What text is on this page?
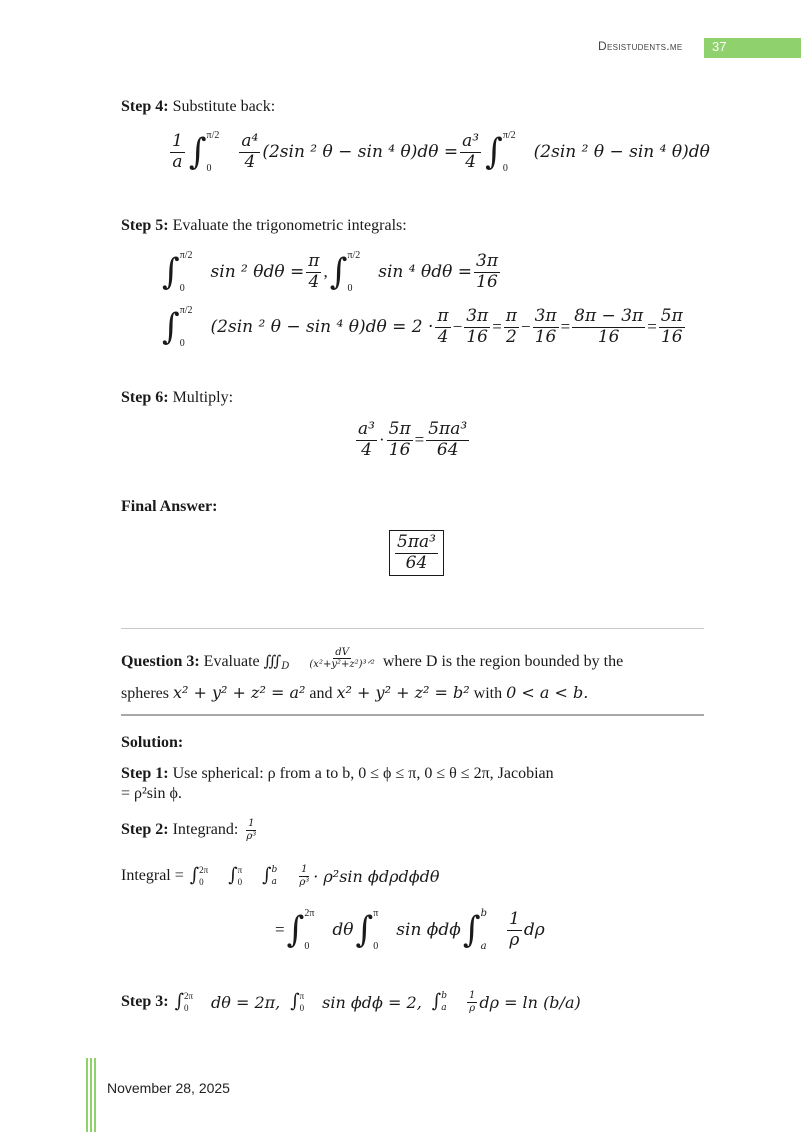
Desistudents.me 37
Step 4: Substitute back:
$\frac{1}{a}$ ∫ π/2
0	$\frac{\text{a⁴}}{4} (2\sin$ ² θ − sin ⁴ $\theta)d\theta = \frac{\text{a³}}{4}$ ∫ π/2
0
(2sin ² θ − sin ⁴ θ)dθ
Step 5: Evaluate the trigonometric integrals:
∫ π/2
0
sin ² $\theta d\theta = \frac{\pi}{4}$ , ∫ π/2
0
sin ⁴ $\theta d\theta = \frac{3\pi}{16}$
∫ π/2
0
(2sin ² θ − sin ⁴ $\theta)d\theta = 2 \cdot \frac{\pi}{4} - \frac{3\pi}{16} = \frac{\pi}{2} - \frac{3\pi}{16} = \frac{8\pi - 3\pi}{16} = \frac{5\pi}{16}$
Step 6: Multiply:
$\frac{\text{a³}}{4} \cdot \frac{5\pi}{16} = \frac{\text{5πa³}}{64}$
Final Answer:
$\frac{\text{5πa³}}{64}$
Question 3: Evaluate ∭ D $\frac{dV}{\text{(x²+y²+z²)³ᐟ²}}$ where D is the region bounded by the
spheres x² + y² + z² = a² and x² + y² + z² = b² with 0 < a < b.
Solution:
Step 1: Use spherical: ρ from a to b, 0 ≤ ϕ ≤ π, 0 ≤ θ ≤ 2π, Jacobian
= ρ²sin ϕ.
Step 2: Integrand: $\frac{1}{\text{ρ³}}$
Integral = ∫ 2π
0 ∫ π
0 ∫ b
a $\frac{1}{\text{ρ³}} \cdot \rho^2\sin$ ϕdρdϕdθ
= ∫ 2π
0
dθ ∫ π
0
sin ϕdϕ ∫ b
a $\frac{1}{\rho}$ dρ
Step 3: ∫ 2π
0 dθ = 2π, ∫ π
0 sin ϕdϕ = 2, ∫ b
a $\frac{1}{\rho}$ dρ = ln (b/a)
November 28, 2025
